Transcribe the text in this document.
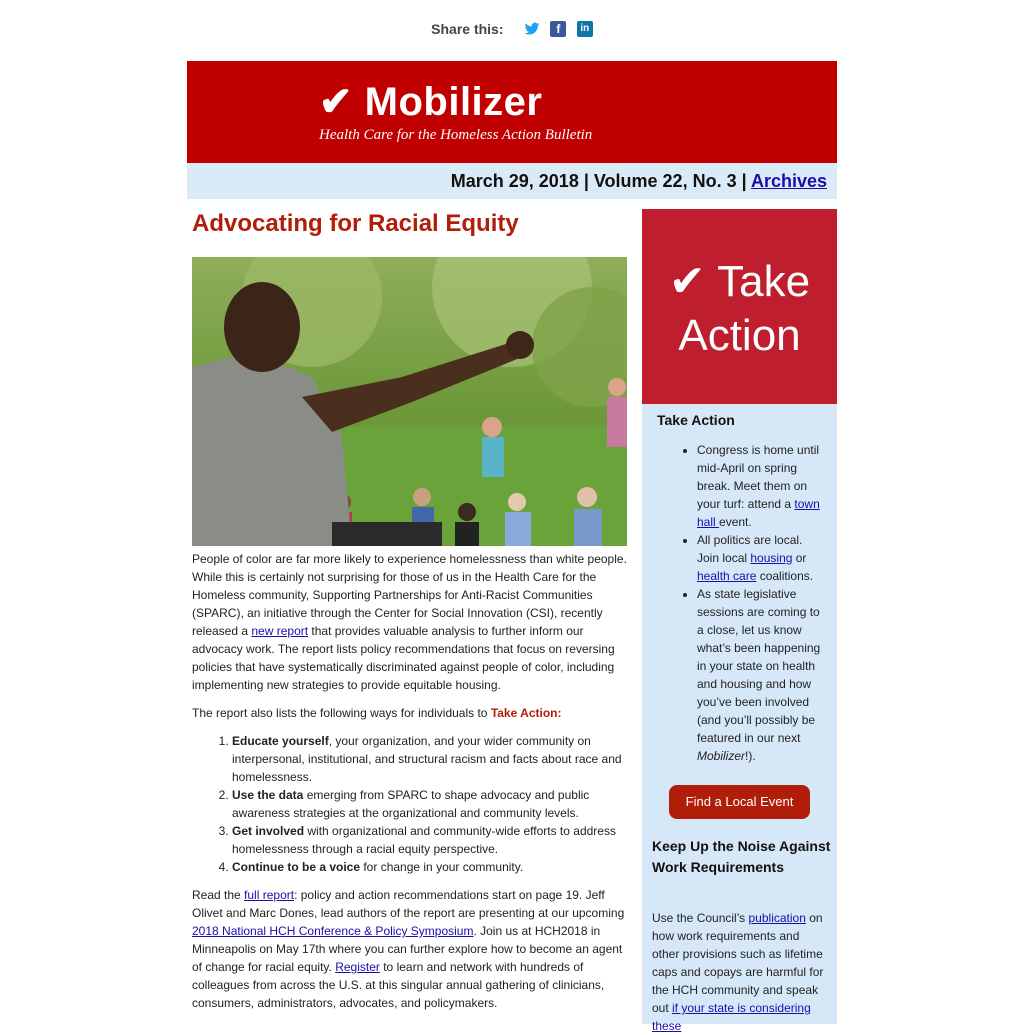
Share this:	f in
✔ Mobilizer
Health Care for the Homeless Action Bulletin
March 29, 2018 | Volume 22, No. 3 | Archives
Advocating for Racial Equity

People of color are far more likely to experience homelessness than white people. While this is certainly not surprising for those of us in the Health Care for the Homeless community, Supporting Partnerships for Anti-Racist Communities (SPARC), an initiative through the Center for Social Innovation (CSI), recently released a new report that provides valuable analysis to further inform our advocacy work. The report lists policy recommendations that focus on reversing policies that have systematically discriminated against people of color, including implementing new strategies to provide equitable housing.

The report also lists the following ways for individuals to Take Action:

1. Educate yourself, your organization, and your wider community on interpersonal, institutional, and structural racism and facts about race and homelessness.
2. Use the data emerging from SPARC to shape advocacy and public awareness strategies at the organizational and community levels.
3. Get involved with organizational and community-wide efforts to address homelessness through a racial equity perspective.
4. Continue to be a voice for change in your community.

Read the full report: policy and action recommendations start on page 19. Jeff Olivet and Marc Dones, lead authors of the report are presenting at our upcoming 2018 National HCH Conference & Policy Symposium. Join us at HCH2018 in Minneapolis on May 17th where you can further explore how to become an agent of change for racial equity. Register to learn and network with hundreds of colleagues from across the U.S. at this singular annual gathering of clinicians, consumers, administrators, advocates, and policymakers.

✔ Take
Action
Take Action
• Congress is home until mid-April on spring break. Meet them on your turf: attend a town hall event.
• All politics are local. Join local housing or health care coalitions.
• As state legislative sessions are coming to a close, let us know what’s been happening in your state on health and housing and how you’ve been involved (and you’ll possibly be featured in our next Mobilizer!).
Find a Local Event
Keep Up the Noise Against Work Requirements

Use the Council’s publication on how work requirements and other provisions such as lifetime caps and copays are harmful for the HCH community and speak out if your state is considering these
